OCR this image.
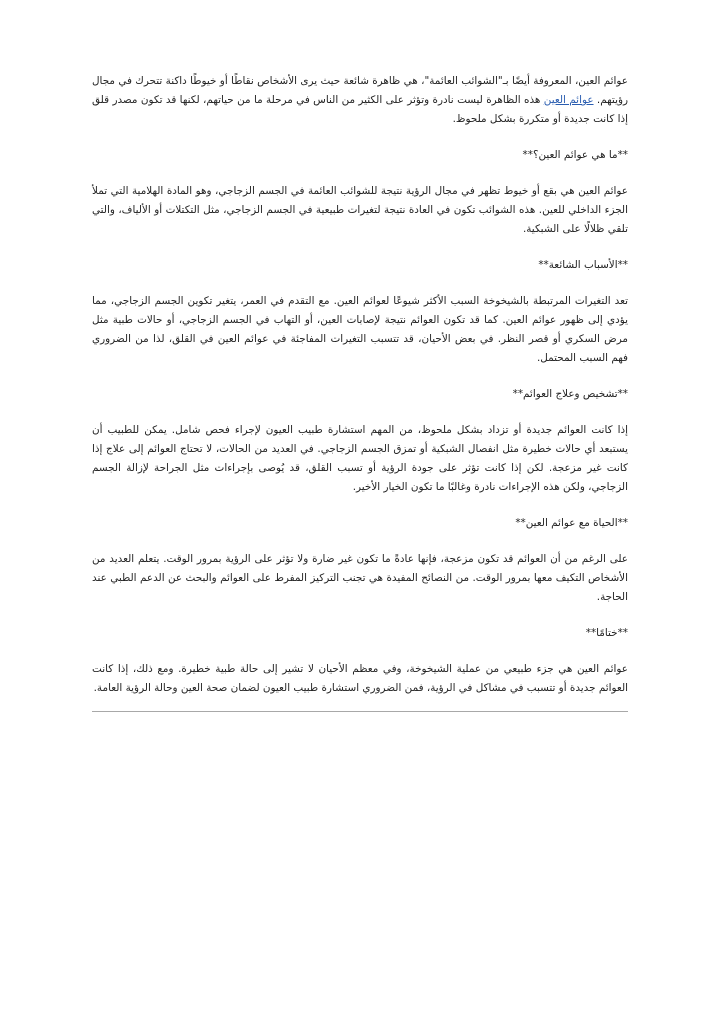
عوائم العين، المعروفة أيضًا بـ"الشوائب العائمة"، هي ظاهرة شائعة حيث يرى الأشخاص نقاطًا أو خيوطًا داكنة تتحرك في مجال رؤيتهم. عوائم العين هذه الظاهرة ليست نادرة وتؤثر على الكثير من الناس في مرحلة ما من حياتهم، لكنها قد تكون مصدر قلق إذا كانت جديدة أو متكررة بشكل ملحوظ.

**ما هي عوائم العين؟**

عوائم العين هي بقع أو خيوط تظهر في مجال الرؤية نتيجة للشوائب العائمة في الجسم الزجاجي، وهو المادة الهلامية التي تملأ الجزء الداخلي للعين. هذه الشوائب تكون في العادة نتيجة لتغيرات طبيعية في الجسم الزجاجي، مثل التكتلات أو الألياف، والتي تلقي ظلالًا على الشبكية.

**الأسباب الشائعة**

تعد التغيرات المرتبطة بالشيخوخة السبب الأكثر شيوعًا لعوائم العين. مع التقدم في العمر، يتغير تكوين الجسم الزجاجي، مما يؤدي إلى ظهور عوائم العين. كما قد تكون العوائم نتيجة لإصابات العين، أو التهاب في الجسم الزجاجي، أو حالات طبية مثل مرض السكري أو قصر النظر. في بعض الأحيان، قد تتسبب التغيرات المفاجئة في عوائم العين في القلق، لذا من الضروري فهم السبب المحتمل.

**تشخيص وعلاج العوائم**

إذا كانت العوائم جديدة أو تزداد بشكل ملحوظ، من المهم استشارة طبيب العيون لإجراء فحص شامل. يمكن للطبيب أن يستبعد أي حالات خطيرة مثل انفصال الشبكية أو تمزق الجسم الزجاجي. في العديد من الحالات، لا تحتاج العوائم إلى علاج إذا كانت غير مزعجة. لكن إذا كانت تؤثر على جودة الرؤية أو تسبب القلق، قد يُوصى بإجراءات مثل الجراحة لإزالة الجسم الزجاجي، ولكن هذه الإجراءات نادرة وغالبًا ما تكون الخيار الأخير.

**الحياة مع عوائم العين**

على الرغم من أن العوائم قد تكون مزعجة، فإنها عادةً ما تكون غير ضارة ولا تؤثر على الرؤية بمرور الوقت. يتعلم العديد من الأشخاص التكيف معها بمرور الوقت. من النصائح المفيدة هي تجنب التركيز المفرط على العوائم والبحث عن الدعم الطبي عند الحاجة.

**ختامًا**

عوائم العين هي جزء طبيعي من عملية الشيخوخة، وفي معظم الأحيان لا تشير إلى حالة طبية خطيرة. ومع ذلك، إذا كانت العوائم جديدة أو تتسبب في مشاكل في الرؤية، فمن الضروري استشارة طبيب العيون لضمان صحة العين وحالة الرؤية العامة.
